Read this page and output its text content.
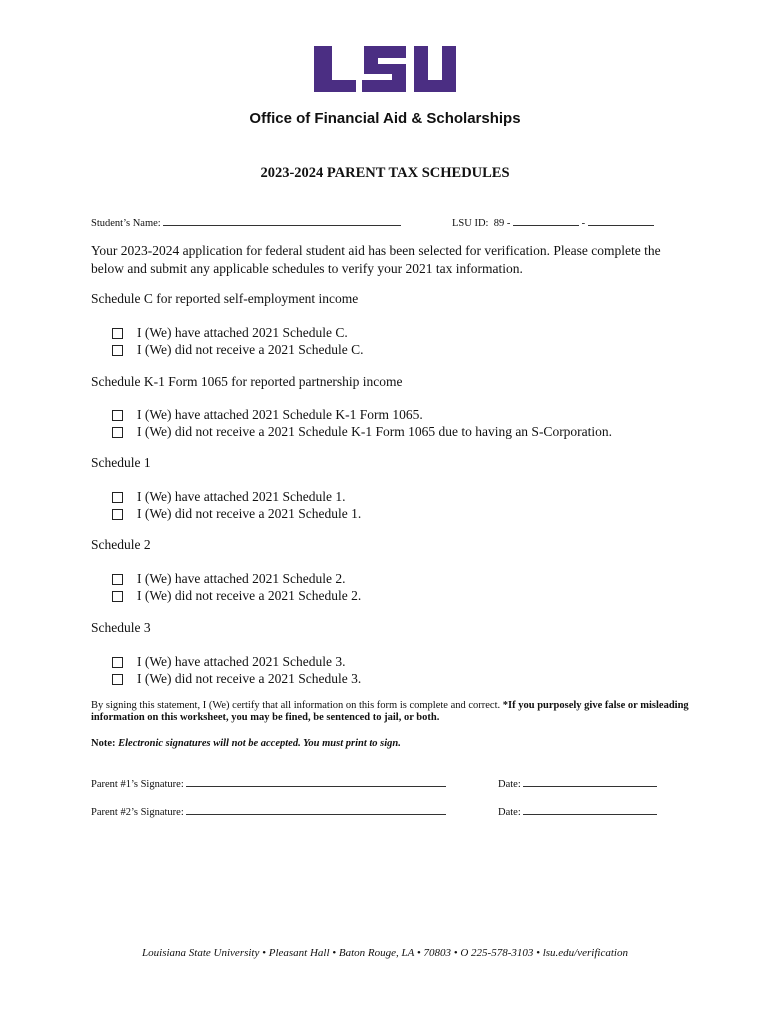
Office of Financial Aid & Scholarships
2023-2024 PARENT TAX SCHEDULES
Student’s Name:	LSU ID: 89 -	-
Your 2023-2024 application for federal student aid has been selected for verification. Please complete the below and submit any applicable schedules to verify your 2021 tax information.
Schedule C for reported self-employment income
I (We) have attached 2021 Schedule C.
I (We) did not receive a 2021 Schedule C.
Schedule K-1 Form 1065 for reported partnership income
I (We) have attached 2021 Schedule K-1 Form 1065.
I (We) did not receive a 2021 Schedule K-1 Form 1065 due to having an S-Corporation.
Schedule 1
I (We) have attached 2021 Schedule 1.
I (We) did not receive a 2021 Schedule 1.
Schedule 2
I (We) have attached 2021 Schedule 2.
I (We) did not receive a 2021 Schedule 2.
Schedule 3
I (We) have attached 2021 Schedule 3.
I (We) did not receive a 2021 Schedule 3.
By signing this statement, I (We) certify that all information on this form is complete and correct. *If you purposely give false or misleading information on this worksheet, you may be fined, be sentenced to jail, or both.
Note: Electronic signatures will not be accepted. You must print to sign.
Parent #1’s Signature:	Date:
Parent #2’s Signature:	Date:
Louisiana State University • Pleasant Hall • Baton Rouge, LA • 70803 • O 225-578-3103 • lsu.edu/verification
